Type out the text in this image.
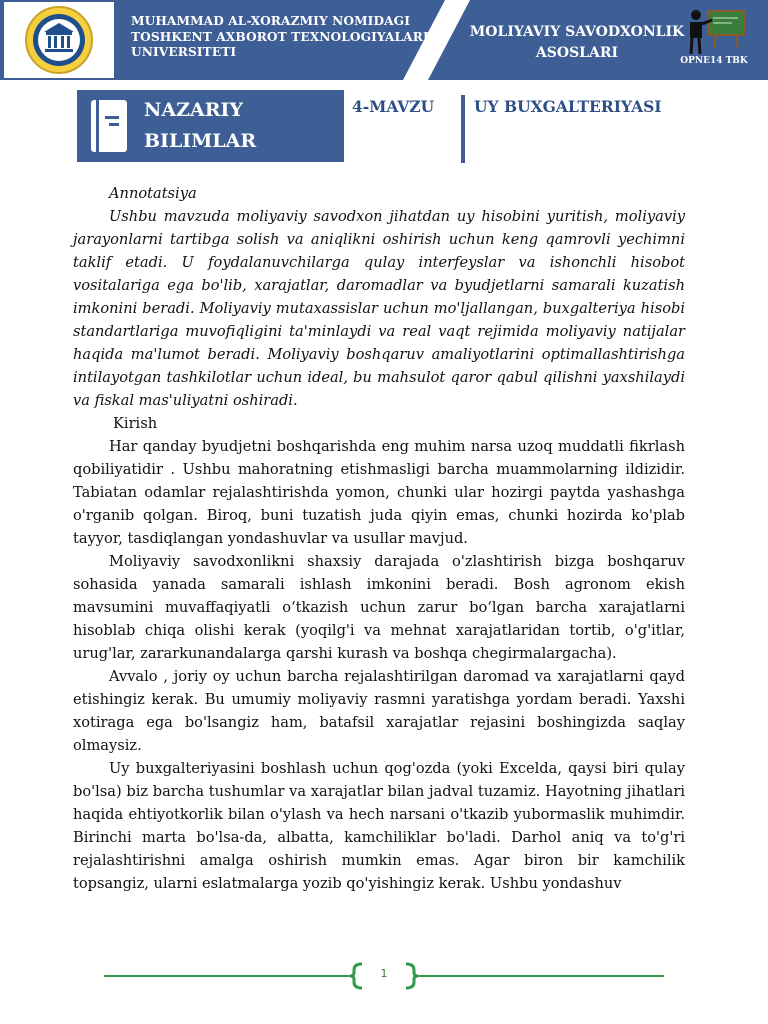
MUHAMMAD AL-XORAZMIY NOMIDAGI
TOSHKENT AXBOROT TEXNOLOGIYALARI
UNIVERSITETI
MOLIYAVIY SAVODXONLIK
ASOSLARI	OPNE14 TBK
NAZARIY
BILIMLAR
4-MAVZU	UY BUXGALTERIYASI

Annotatsiya

Ushbu mavzuda moliyaviy savodxon jihatdan uy hisobini yuritish, moliyaviy jarayonlarni tartibga solish va aniqlikni oshirish uchun keng qamrovli yechimni taklif etadi. U foydalanuvchilarga qulay interfeyslar va ishonchli hisobot vositalariga ega bo'lib, xarajatlar, daromadlar va byudjetlarni samarali kuzatish imkonini beradi. Moliyaviy mutaxassislar uchun mo'ljallangan, buxgalteriya hisobi standartlariga muvofiqligini ta'minlaydi va real vaqt rejimida moliyaviy natijalar haqida ma'lumot beradi. Moliyaviy boshqaruv amaliyotlarini optimallashtirishga intilayotgan tashkilotlar uchun ideal, bu mahsulot qaror qabul qilishni yaxshilaydi va fiskal mas'uliyatni oshiradi.

Kirish

Har qanday byudjetni boshqarishda eng muhim narsa uzoq muddatli fikrlash qobiliyatidir . Ushbu mahoratning etishmasligi barcha muammolarning ildizidir. Tabiatan odamlar rejalashtirishda yomon, chunki ular hozirgi paytda yashashga o'rganib qolgan. Biroq, buni tuzatish juda qiyin emas, chunki hozirda ko'plab tayyor, tasdiqlangan yondashuvlar va usullar mavjud.

Moliyaviy savodxonlikni shaxsiy darajada o'zlashtirish bizga boshqaruv sohasida yanada samarali ishlash imkonini beradi. Bosh agronom ekish mavsumini muvaffaqiyatli o‘tkazish uchun zarur bo‘lgan barcha xarajatlarni hisoblab chiqa olishi kerak (yoqilg'i va mehnat xarajatlaridan tortib, o'g'itlar, urug'lar, zararkunandalarga qarshi kurash va boshqa chegirmalargacha).

Avvalo , joriy oy uchun barcha rejalashtirilgan daromad va xarajatlarni qayd etishingiz kerak. Bu umumiy moliyaviy rasmni yaratishga yordam beradi. Yaxshi xotiraga ega bo'lsangiz ham, batafsil xarajatlar rejasini boshingizda saqlay olmaysiz.

Uy buxgalteriyasini boshlash uchun qog'ozda (yoki Excelda, qaysi biri qulay bo'lsa) biz barcha tushumlar va xarajatlar bilan jadval tuzamiz. Hayotning jihatlari haqida ehtiyotkorlik bilan o'ylash va hech narsani o'tkazib yubormaslik muhimdir. Birinchi marta bo'lsa-da, albatta, kamchiliklar bo'ladi. Darhol aniq va to'g'ri rejalashtirishni amalga oshirish mumkin emas. Agar biron bir kamchilik topsangiz, ularni eslatmalarga yozib qo'yishingiz kerak. Ushbu yondashuv

1
